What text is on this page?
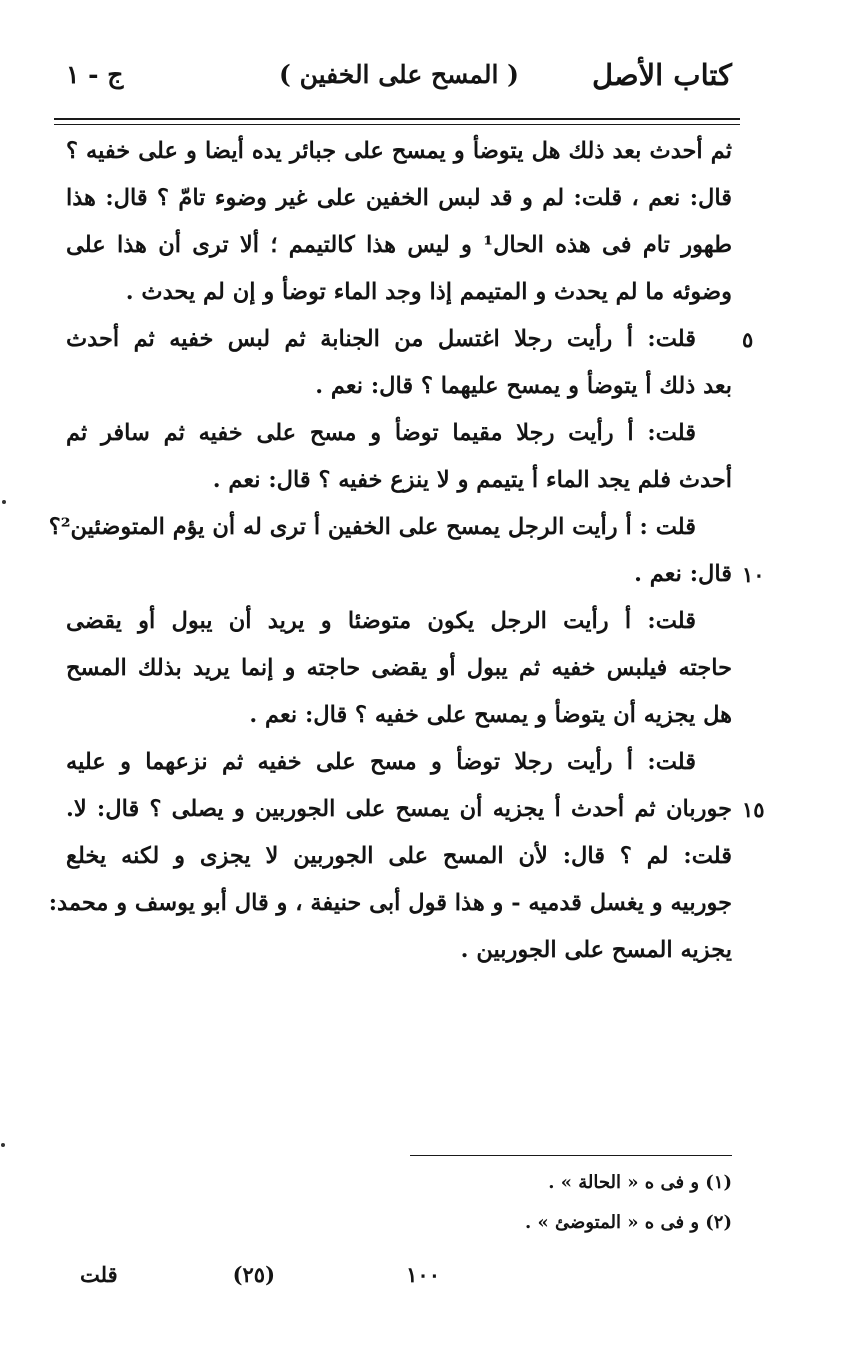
كتاب الأصل
( المسح على الخفين )
ج - ١
ثم أحدث بعد ذلك هل يتوضأ و يمسح على جبائر يده أيضا و على خفيه ؟
قال: نعم ، قلت: لم و قد لبس الخفين على غير وضوء تامّ ؟ قال: هذا
طهور تام فى هذه الحال¹ و ليس هذا كالتيمم ؛ ألا ترى أن هذا على
وضوئه ما لم يحدث و المتيمم إذا وجد الماء توضأ و إن لم يحدث .
٥
قلت: أ رأيت رجلا اغتسل من الجنابة ثم لبس خفيه ثم أحدث
بعد ذلك أ يتوضأ و يمسح عليهما ؟ قال: نعم .
قلت: أ رأيت رجلا مقيما توضأ و مسح على خفيه ثم سافر ثم
أحدث فلم يجد الماء أ يتيمم و لا ينزع خفيه ؟ قال: نعم .
قلت : أ رأيت الرجل يمسح على الخفين أ ترى له أن يؤم المتوضئين²؟
١٠
قال: نعم .
قلت: أ رأيت الرجل يكون متوضئا و يريد أن يبول أو يقضى
حاجته فيلبس خفيه ثم يبول أو يقضى حاجته و إنما يريد بذلك المسح
هل يجزيه أن يتوضأ و يمسح على خفيه ؟ قال: نعم .
قلت: أ رأيت رجلا توضأ و مسح على خفيه ثم نزعهما و عليه
١٥
جوربان ثم أحدث أ يجزيه أن يمسح على الجوربين و يصلى ؟ قال: لا.
قلت: لم ؟ قال: لأن المسح على الجوربين لا يجزى و لكنه يخلع
جوربيه و يغسل قدميه - و هذا قول أبى حنيفة ، و قال أبو يوسف و محمد:
يجزيه المسح على الجوربين .
(١) و فى ه « الحالة » .
(٢) و فى ه « المتوضئ » .
١٠٠
(٢٥)
قلت
